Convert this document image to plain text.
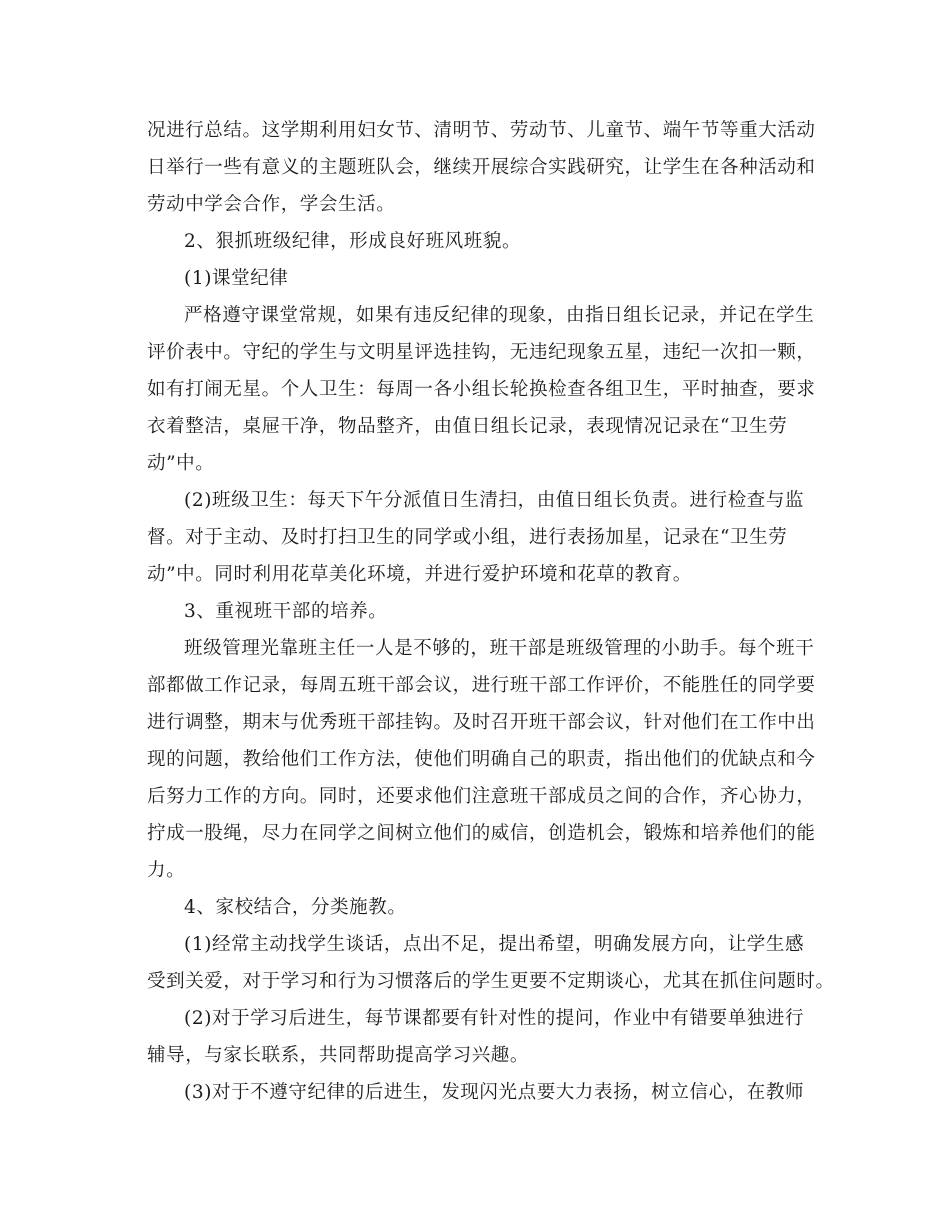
况进行总结。这学期利用妇女节、清明节、劳动节、儿童节、端午节等重大活动
日举行一些有意义的主题班队会，继续开展综合实践研究，让学生在各种活动和
劳动中学会合作，学会生活。
2、狠抓班级纪律，形成良好班风班貌。
(1)课堂纪律
严格遵守课堂常规，如果有违反纪律的现象，由指日组长记录，并记在学生
评价表中。守纪的学生与文明星评选挂钩，无违纪现象五星，违纪一次扣一颗，
如有打闹无星。个人卫生：每周一各小组长轮换检查各组卫生，平时抽查，要求
衣着整洁，桌屉干净，物品整齐，由值日组长记录，表现情况记录在“卫生劳
动”中。
(2)班级卫生：每天下午分派值日生清扫，由值日组长负责。进行检查与监
督。对于主动、及时打扫卫生的同学或小组，进行表扬加星，记录在“卫生劳
动”中。同时利用花草美化环境，并进行爱护环境和花草的教育。
3、重视班干部的培养。
班级管理光靠班主任一人是不够的，班干部是班级管理的小助手。每个班干
部都做工作记录，每周五班干部会议，进行班干部工作评价，不能胜任的同学要
进行调整，期末与优秀班干部挂钩。及时召开班干部会议，针对他们在工作中出
现的问题，教给他们工作方法，使他们明确自己的职责，指出他们的优缺点和今
后努力工作的方向。同时，还要求他们注意班干部成员之间的合作，齐心协力，
拧成一股绳，尽力在同学之间树立他们的威信，创造机会，锻炼和培养他们的能
力。
4、家校结合，分类施教。
(1)经常主动找学生谈话，点出不足，提出希望，明确发展方向，让学生感
受到关爱，对于学习和行为习惯落后的学生更要不定期谈心，尤其在抓住问题时。
(2)对于学习后进生，每节课都要有针对性的提问，作业中有错要单独进行
辅导，与家长联系，共同帮助提高学习兴趣。
(3)对于不遵守纪律的后进生，发现闪光点要大力表扬，树立信心，在教师
